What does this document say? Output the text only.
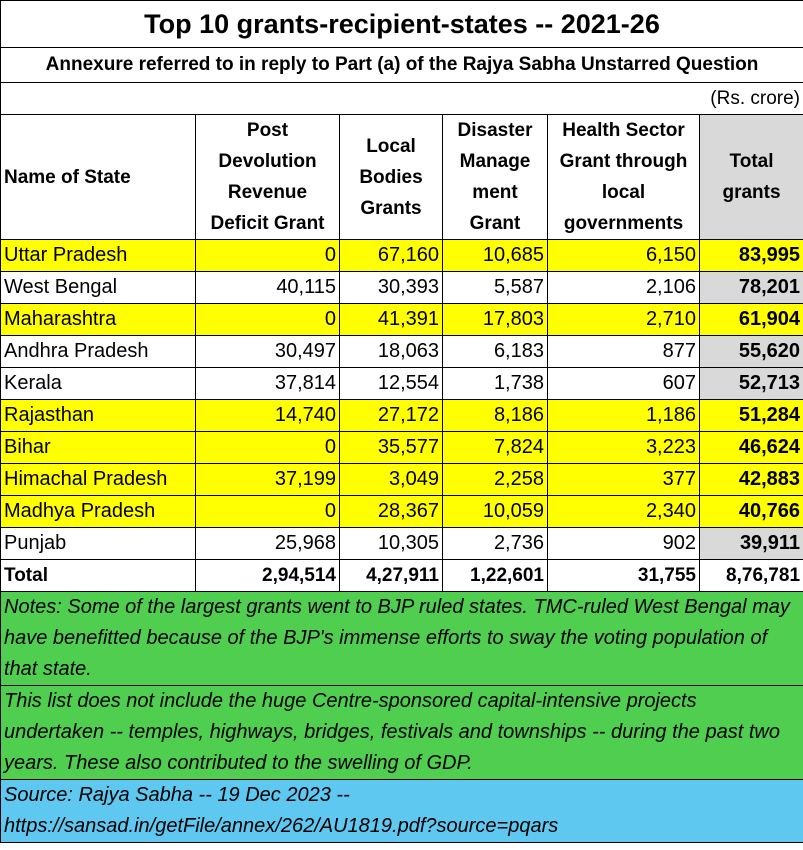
Top 10 grants-recipient-states -- 2021-26					
Annexure referred to in reply to Part (a) of the Rajya Sabha Unstarred Question					
(Rs. crore)					
Name of State	Post Devolution Revenue Deficit Grant	Local Bodies Grants	Disaster Manage ment Grant	Health Sector Grant through local governments	Total grants
Uttar Pradesh	0	67,160	10,685	6,150	83,995
West Bengal	40,115	30,393	5,587	2,106	78,201
Maharashtra	0	41,391	17,803	2,710	61,904
Andhra Pradesh	30,497	18,063	6,183	877	55,620
Kerala	37,814	12,554	1,738	607	52,713
Rajasthan	14,740	27,172	8,186	1,186	51,284
Bihar	0	35,577	7,824	3,223	46,624
Himachal Pradesh	37,199	3,049	2,258	377	42,883
Madhya Pradesh	0	28,367	10,059	2,340	40,766
Punjab	25,968	10,305	2,736	902	39,911
Total	2,94,514	4,27,911	1,22,601	31,755	8,76,781
Notes: Some of the largest grants went to BJP ruled states. TMC-ruled West Bengal may have benefitted because of the BJP's immense efforts to sway the voting population of that state.					
This list does not include the huge Centre-sponsored capital-intensive projects undertaken -- temples, highways, bridges, festivals and townships -- during the past two years. These also contributed to the swelling of GDP.					

Source: Rajya Sabha -- 19 Dec 2023 --
https://sansad.in/getFile/annex/262/AU1819.pdf?source=pqars					
